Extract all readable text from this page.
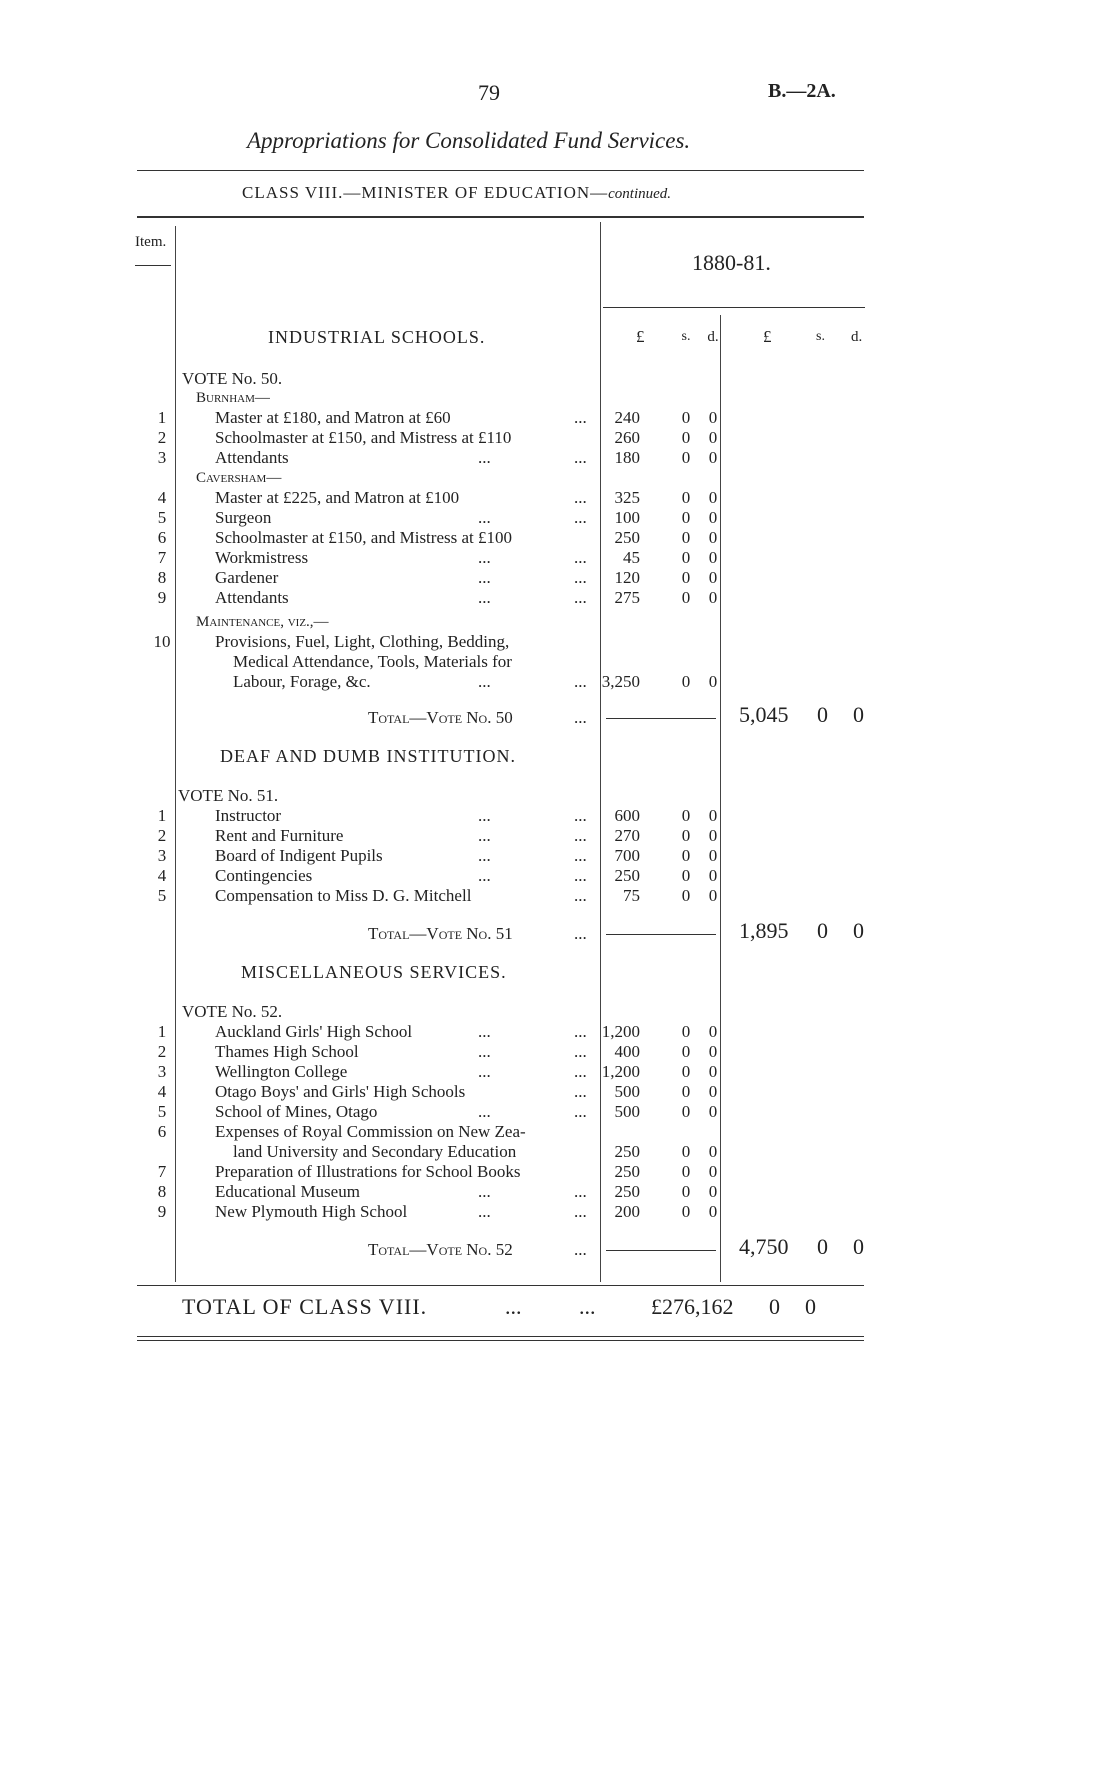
79	B.—2A.
Appropriations for Consolidated Fund Services.
CLASS VIII.—MINISTER OF EDUCATION—continued.
Item.
1880-81.
INDUSTRIAL SCHOOLS.	£	s. d.	£	s. d.
VOTE No. 50.
Burnham—
1	Master at £180, and Matron at £60	... 240 0 0
2	Schoolmaster at £150, and Mistress at £110	260 0 0
3	Attendants	...	... 180 0 0
Caversham—
4	Master at £225, and Matron at £100	... 325 0 0
5	Surgeon	...	... 100 0 0
6	Schoolmaster at £150, and Mistress at £100	250 0 0
7	Workmistress	...	... 45 0 0
8	Gardener	...	... 120 0 0
9	Attendants	...	... 275 0 0
Maintenance, viz.,—
10	Provisions, Fuel, Light, Clothing, Bedding,
Medical Attendance, Tools, Materials for
Labour, Forage, &c.	...	... 3,250 0 0
Total—Vote No. 50	...	5,045 0 0
DEAF AND DUMB INSTITUTION.
VOTE No. 51.
1	Instructor	...	... 600 0 0
2	Rent and Furniture	...	... 270 0 0
3	Board of Indigent Pupils	...	... 700 0 0
4	Contingencies	...	... 250 0 0
5	Compensation to Miss D. G. Mitchell	... 75 0 0
Total—Vote No. 51	...	1,895 0 0
MISCELLANEOUS SERVICES.
VOTE No. 52.
1	Auckland Girls' High School	...	... 1,200 0 0
2	Thames High School	...	... 400 0 0
3	Wellington College	...	... 1,200 0 0
4	Otago Boys' and Girls' High Schools	... 500 0 0
5	School of Mines, Otago	...	... 500 0 0
6	Expenses of Royal Commission on New Zea-
land University and Secondary Education	250 0 0
7	Preparation of Illustrations for School Books	250 0 0
8	Educational Museum	...	... 250 0 0
9	New Plymouth High School	...	... 200 0 0
Total—Vote No. 52	...	4,750 0 0
TOTAL OF CLASS VIII.	...	...	£276,162 0 0
